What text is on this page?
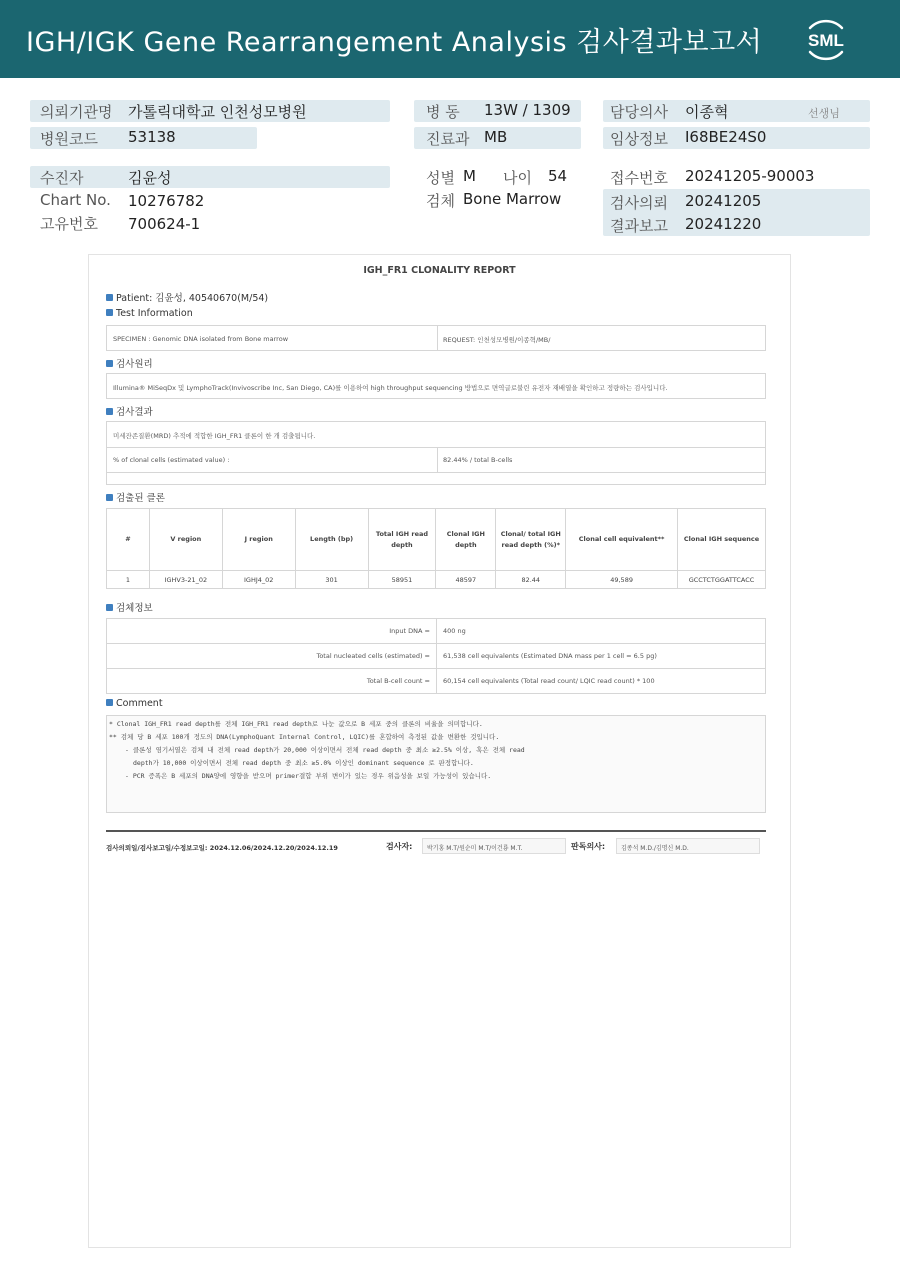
IGH/IGK Gene Rearrangement Analysis 검사결과보고서	SML
의뢰기관명 가톨릭대학교 인천성모병원
병원코드 53138
병 동 13W / 1309
진료과 MB
담당의사 이종혁	선생님
임상정보 I68BE24S0
수진자	김윤성
Chart No. 10276782
고유번호 700624-1
성별 M 나이 54
검체 Bone Marrow
접수번호 20241205-90003
검사의뢰 20241205
결과보고 20241220
IGH_FR1 CLONALITY REPORT
Patient: 김윤성, 40540670(M/54)
Test Information
SPECIMEN : Genomic DNA isolated from Bone marrow	REQUEST: 인천성모병원/이종혁/MB/
검사원리
Illumina® MiSeqDx 및 LymphoTrack(Invivoscribe Inc, San Diego, CA)를 이용하여 high throughput sequencing 방법으로 면역글로불린 유전자 재배열을 확인하고 정량하는 검사입니다.
검사결과
미세잔존질환(MRD) 추적에 적합한 IGH_FR1 클론이 한 개 검출됩니다.
% of clonal cells (estimated value) :	82.44% / total B-cells
검출된 클론
#	V region	J region	Length (bp)	Total IGH read depth	Clonal IGH depth	Clonal/ total IGH read depth (%)*	Clonal cell equivalent**	Clonal IGH sequence
1	IGHV3-21_02	IGHJ4_02	301	58951	48597	82.44	49,589	GCCTCTGGATTCACC
검체정보
Input DNA =	400 ng
Total nucleated cells (estimated) =	61,538 cell equivalents (Estimated DNA mass per 1 cell = 6.5 pg)
Total B-cell count =	60,154 cell equivalents (Total read count/ LQIC read count) * 100
Comment
* Clonal IGH_FR1 read depth를 전체 IGH_FR1 read depth로 나눈 값으로 B 세포 중의 클론의 비율을 의미합니다.
** 검체 당 B 세포 100개 정도의 DNA(LymphoQuant Internal Control, LQIC)를 혼합하여 측정된 값을 변환한 것입니다.
- 클론성 염기서열은 검체 내 전체 read depth가 20,000 이상이면서 전체 read depth 중 최소 ≥2.5% 이상, 혹은 전체 read
depth가 10,000 이상이면서 전체 read depth 중 최소 ≥5.0% 이상인 dominant sequence 로 판정합니다.
- PCR 증폭은 B 세포의 DNA양에 영향을 받으며 primer결합 부위 변이가 있는 경우 위음성을 보일 가능성이 있습니다.
검사의뢰일/검사보고일/수정보고일: 2024.12.06/2024.12.20/2024.12.19	검사자:	박기홍 M.T/원순미 M.T/이건룡 M.T.	판독의사:	김종석 M.D./김명신 M.D.
